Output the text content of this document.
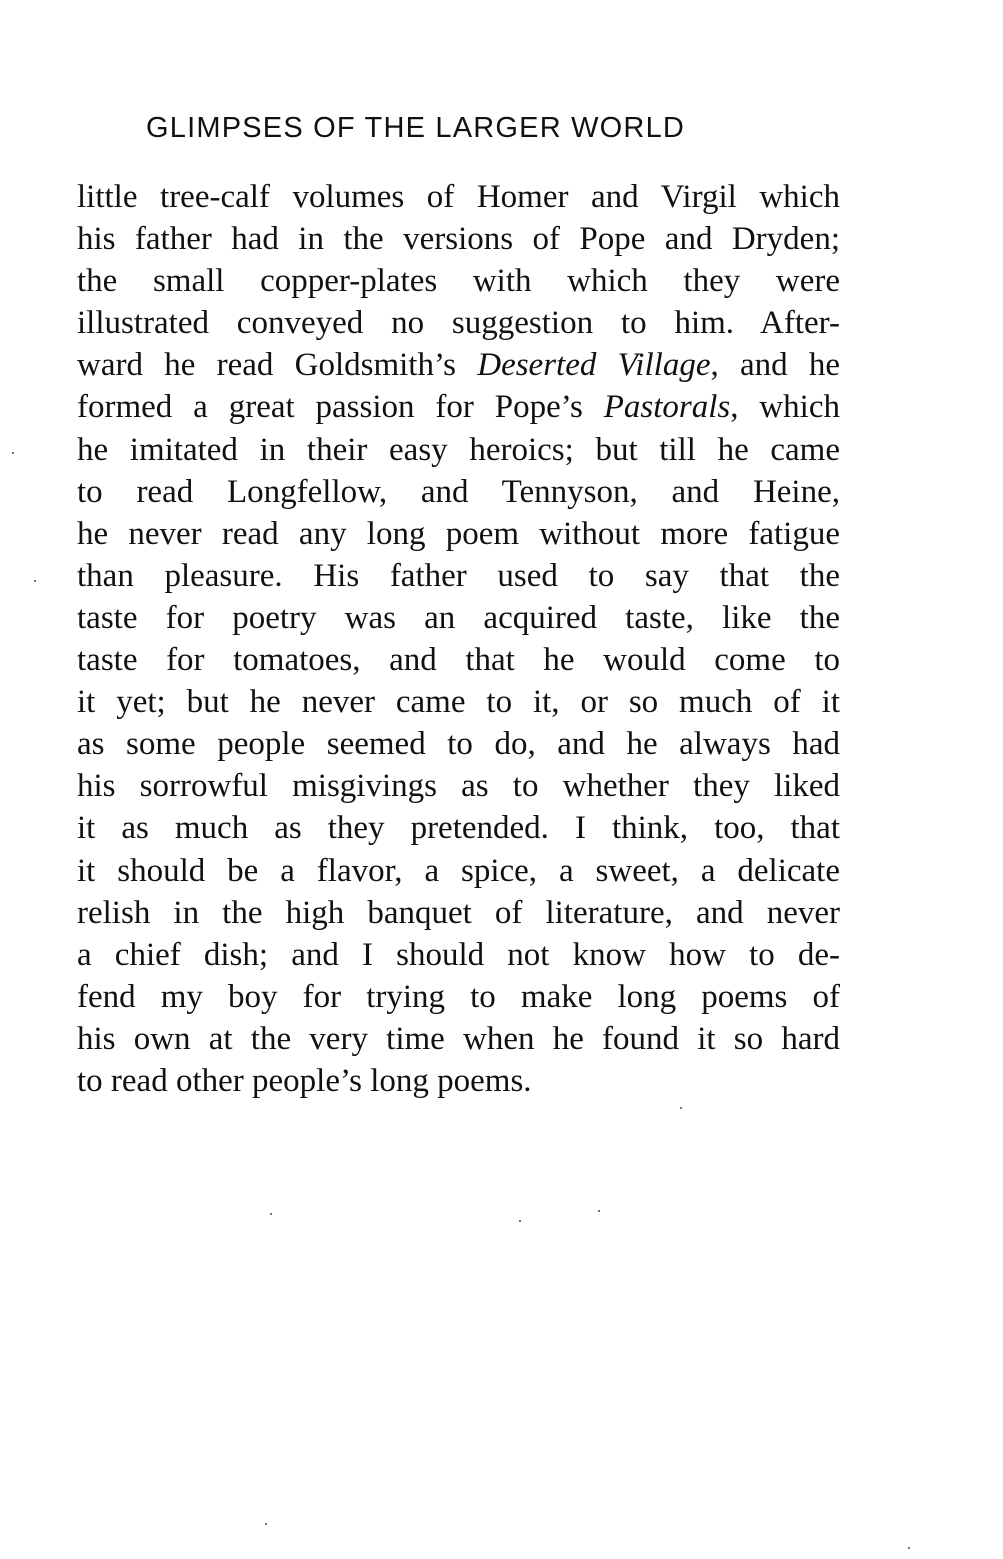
GLIMPSES OF THE LARGER WORLD
little tree-calf volumes of Homer and Virgil which
his father had in the versions of Pope and Dryden;
the small copper-plates with which they were
illustrated conveyed no suggestion to him. After-
ward he read Goldsmith’s Deserted Village, and he
formed a great passion for Pope’s Pastorals, which
he imitated in their easy heroics; but till he came
to read Longfellow, and Tennyson, and Heine,
he never read any long poem without more fatigue
than pleasure. His father used to say that the
taste for poetry was an acquired taste, like the
taste for tomatoes, and that he would come to
it yet; but he never came to it, or so much of it
as some people seemed to do, and he always had
his sorrowful misgivings as to whether they liked
it as much as they pretended. I think, too, that
it should be a flavor, a spice, a sweet, a delicate
relish in the high banquet of literature, and never
a chief dish; and I should not know how to de-
fend my boy for trying to make long poems of
his own at the very time when he found it so hard
to read other people’s long poems.
